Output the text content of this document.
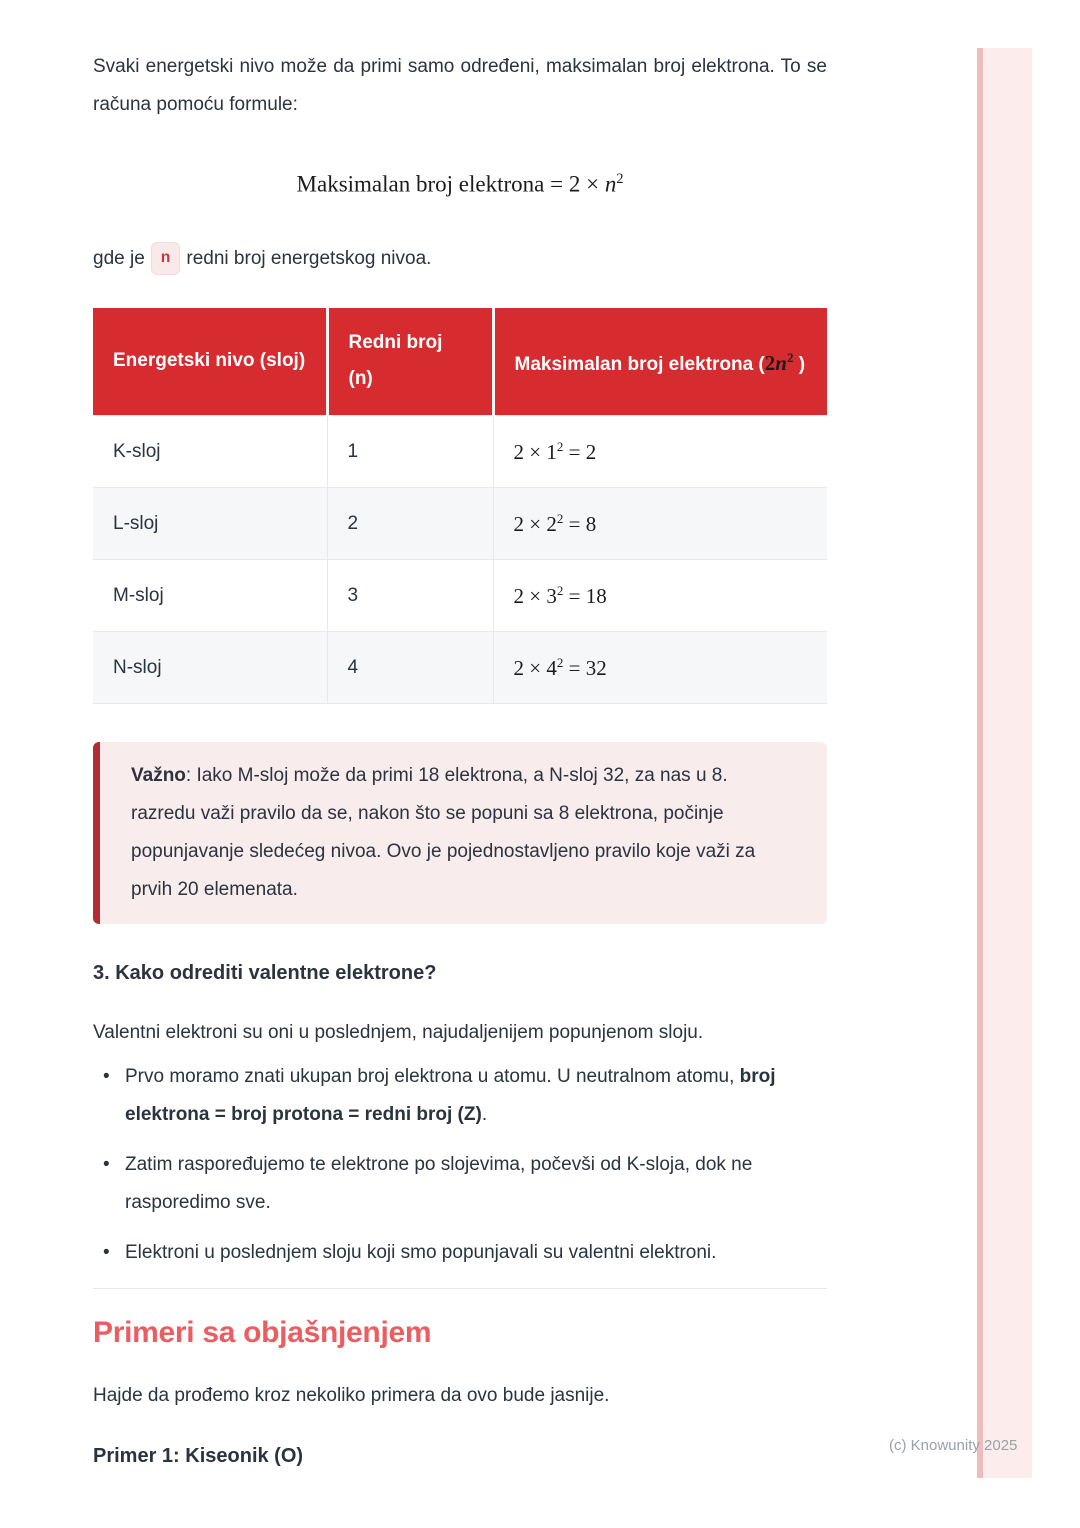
Svaki energetski nivo može da primi samo određeni, maksimalan broj elektrona. To se računa pomoću formule:

Maksimalan broj elektrona = $2 \times n^2$

gde je n redni broj energetskog nivoa.

Energetski nivo (sloj)	Redni broj (n)	Maksimalan broj elektrona ($2n^2$ )
K-sloj	1	$2 \times 1^2 = 2$
L-sloj	2	$2 \times 2^2 = 8$
M-sloj	3	$2 \times 3^2 = 18$
N-sloj	4	$2 \times 4^2 = 32$
Važno: Iako M-sloj može da primi 18 elektrona, a N-sloj 32, za nas u 8. razredu važi pravilo da se, nakon što se popuni sa 8 elektrona, počinje popunjavanje sledećeg nivoa. Ovo je pojednostavljeno pravilo koje važi za prvih 20 elemenata.
3. Kako odrediti valentne elektrone?

Valentni elektroni su oni u poslednjem, najudaljenijem popunjenom sloju.

• Prvo moramo znati ukupan broj elektrona u atomu. U neutralnom atomu, broj elektrona = broj protona = redni broj (Z).
• Zatim raspoređujemo te elektrone po slojevima, počevši od K-sloja, dok ne rasporedimo sve.
• Elektroni u poslednjem sloju koji smo popunjavali su valentni elektroni.
Primeri sa objašnjenjem

Hajde da prođemo kroz nekoliko primera da ovo bude jasnije.

Primer 1: Kiseonik (O)	(c) Knowunity 2025
